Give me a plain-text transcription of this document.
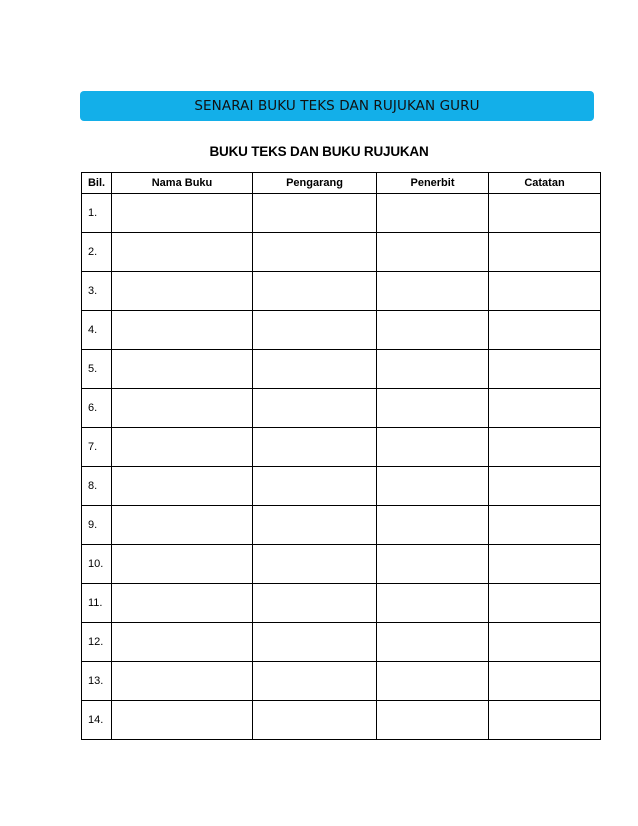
SENARAI BUKU TEKS DAN RUJUKAN GURU
BUKU TEKS DAN BUKU RUJUKAN
Bil.	Nama Buku	Pengarang	Penerbit	Catatan
1.				
2.				
3.				
4.				
5.				
6.				
7.				
8.				
9.				
10.				
11.				
12.				
13.				
14.				
